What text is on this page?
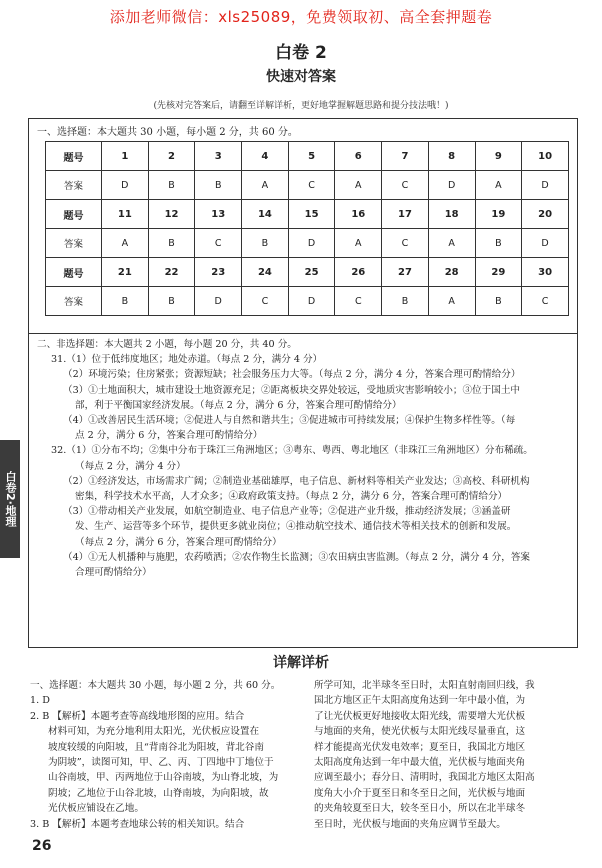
添加老师微信：xls25089，免费领取初、高全套押题卷
白卷 2
快速对答案
(先核对完答案后，请翻至详解详析，更好地掌握解题思路和提分技法哦！)
一、选择题：本大题共 30 小题，每小题 2 分，共 60 分。
题号	1	2	3	4	5	6	7	8	9	10
答案	D	B	B	A	C	A	C	D	A	D
题号	11	12	13	14	15	16	17	18	19	20
答案	A	B	C	B	D	A	C	A	B	D
题号	21	22	23	24	25	26	27	28	29	30
答案	B	B	D	C	D	C	B	A	B	C
二、非选择题：本大题共 2 小题，每小题 20 分，共 40 分。
31.（1）位于低纬度地区；地处赤道。（每点 2 分，满分 4 分）
（2）环境污染；住房紧张；资源短缺；社会服务压力大等。（每点 2 分，满分 4 分，答案合理可酌情给分）
（3）①土地面积大，城市建设土地资源充足；②距离板块交界处较远，受地质灾害影响较小；③位于国土中
部，利于平衡国家经济发展。（每点 2 分，满分 6 分，答案合理可酌情给分）
（4）①改善居民生活环境；②促进人与自然和谐共生；③促进城市可持续发展；④保护生物多样性等。（每
点 2 分，满分 6 分，答案合理可酌情给分）
32.（1）①分布不均；②集中分布于珠江三角洲地区；③粤东、粤西、粤北地区（非珠江三角洲地区）分布稀疏。
（每点 2 分，满分 4 分）
（2）①经济发达，市场需求广阔；②制造业基础雄厚，电子信息、新材料等相关产业发达；③高校、科研机构
密集，科学技术水平高，人才众多；④政府政策支持。（每点 2 分，满分 6 分，答案合理可酌情给分）
（3）①带动相关产业发展，如航空制造业、电子信息产业等；②促进产业升级，推动经济发展；③涵盖研
发、生产、运营等多个环节，提供更多就业岗位；④推动航空技术、通信技术等相关技术的创新和发展。
（每点 2 分，满分 6 分，答案合理可酌情给分）
（4）①无人机播种与施肥，农药喷洒；②农作物生长监测；③农田病虫害监测。（每点 2 分，满分 4 分，答案
合理可酌情给分）
白卷2·地理
详解详析
一、选择题：本大题共 30 小题，每小题 2 分，共 60 分。
1. D
2. B 【解析】本题考查等高线地形图的应用。结合
材料可知，为充分地利用太阳光，光伏板应设置在
坡度较缓的向阳坡，且“背南谷北为阳坡，背北谷南
为阴坡”，读图可知，甲、乙、丙、丁四地中丁地位于
山谷南坡，甲、丙两地位于山谷南坡，为山脊北坡，为
阴坡；乙地位于山谷北坡，山脊南坡，为向阳坡，故
光伏板应铺设在乙地。
3. B 【解析】本题考查地球公转的相关知识。结合
所学可知，北半球冬至日时，太阳直射南回归线，我
国北方地区正午太阳高度角达到一年中最小值，为
了让光伏板更好地接收太阳光线，需要增大光伏板
与地面的夹角，使光伏板与太阳光线尽量垂直，这
样才能提高光伏发电效率；夏至日，我国北方地区
太阳高度角达到一年中最大值，光伏板与地面夹角
应调至最小；春分日、清明时，我国北方地区太阳高
度角大小介于夏至日和冬至日之间，光伏板与地面
的夹角较夏至日大，较冬至日小，所以在北半球冬
至日时，光伏板与地面的夹角应调节至最大。
26
